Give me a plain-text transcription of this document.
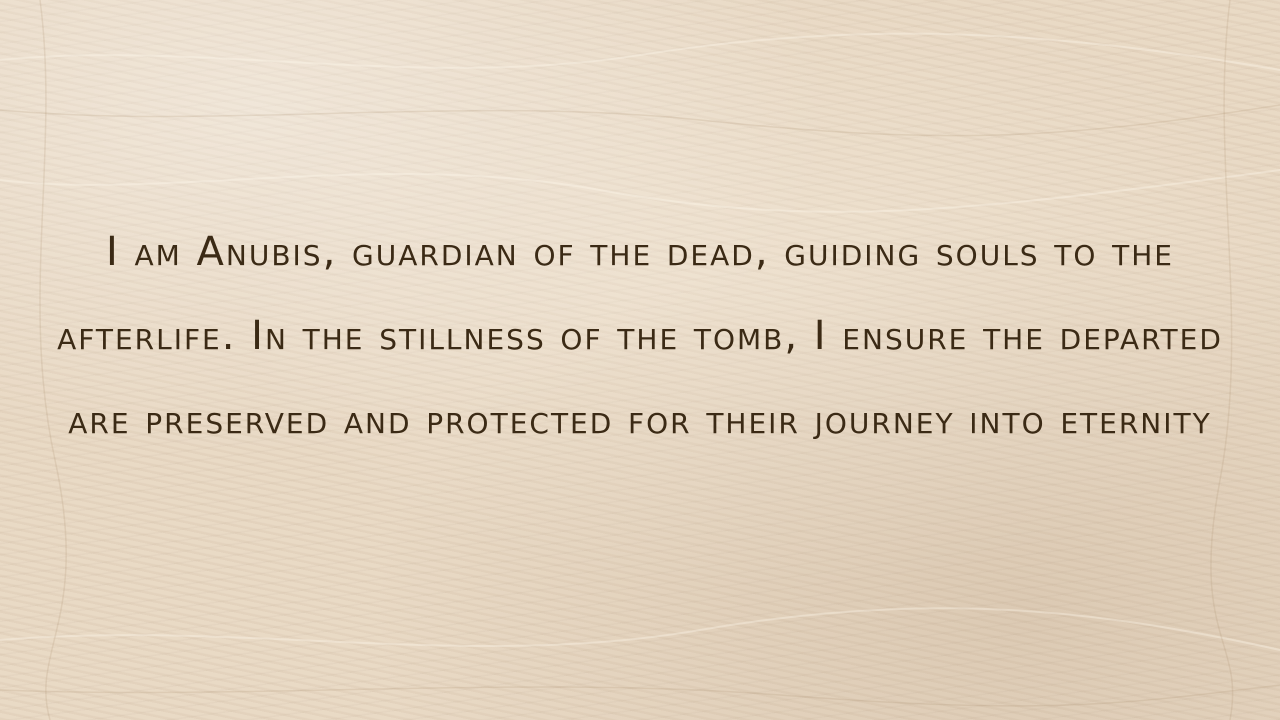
I am Anubis, guardian of the dead, guiding souls to the afterlife. In the stillness of the tomb, I ensure the departed are preserved and protected for their journey into eternity
